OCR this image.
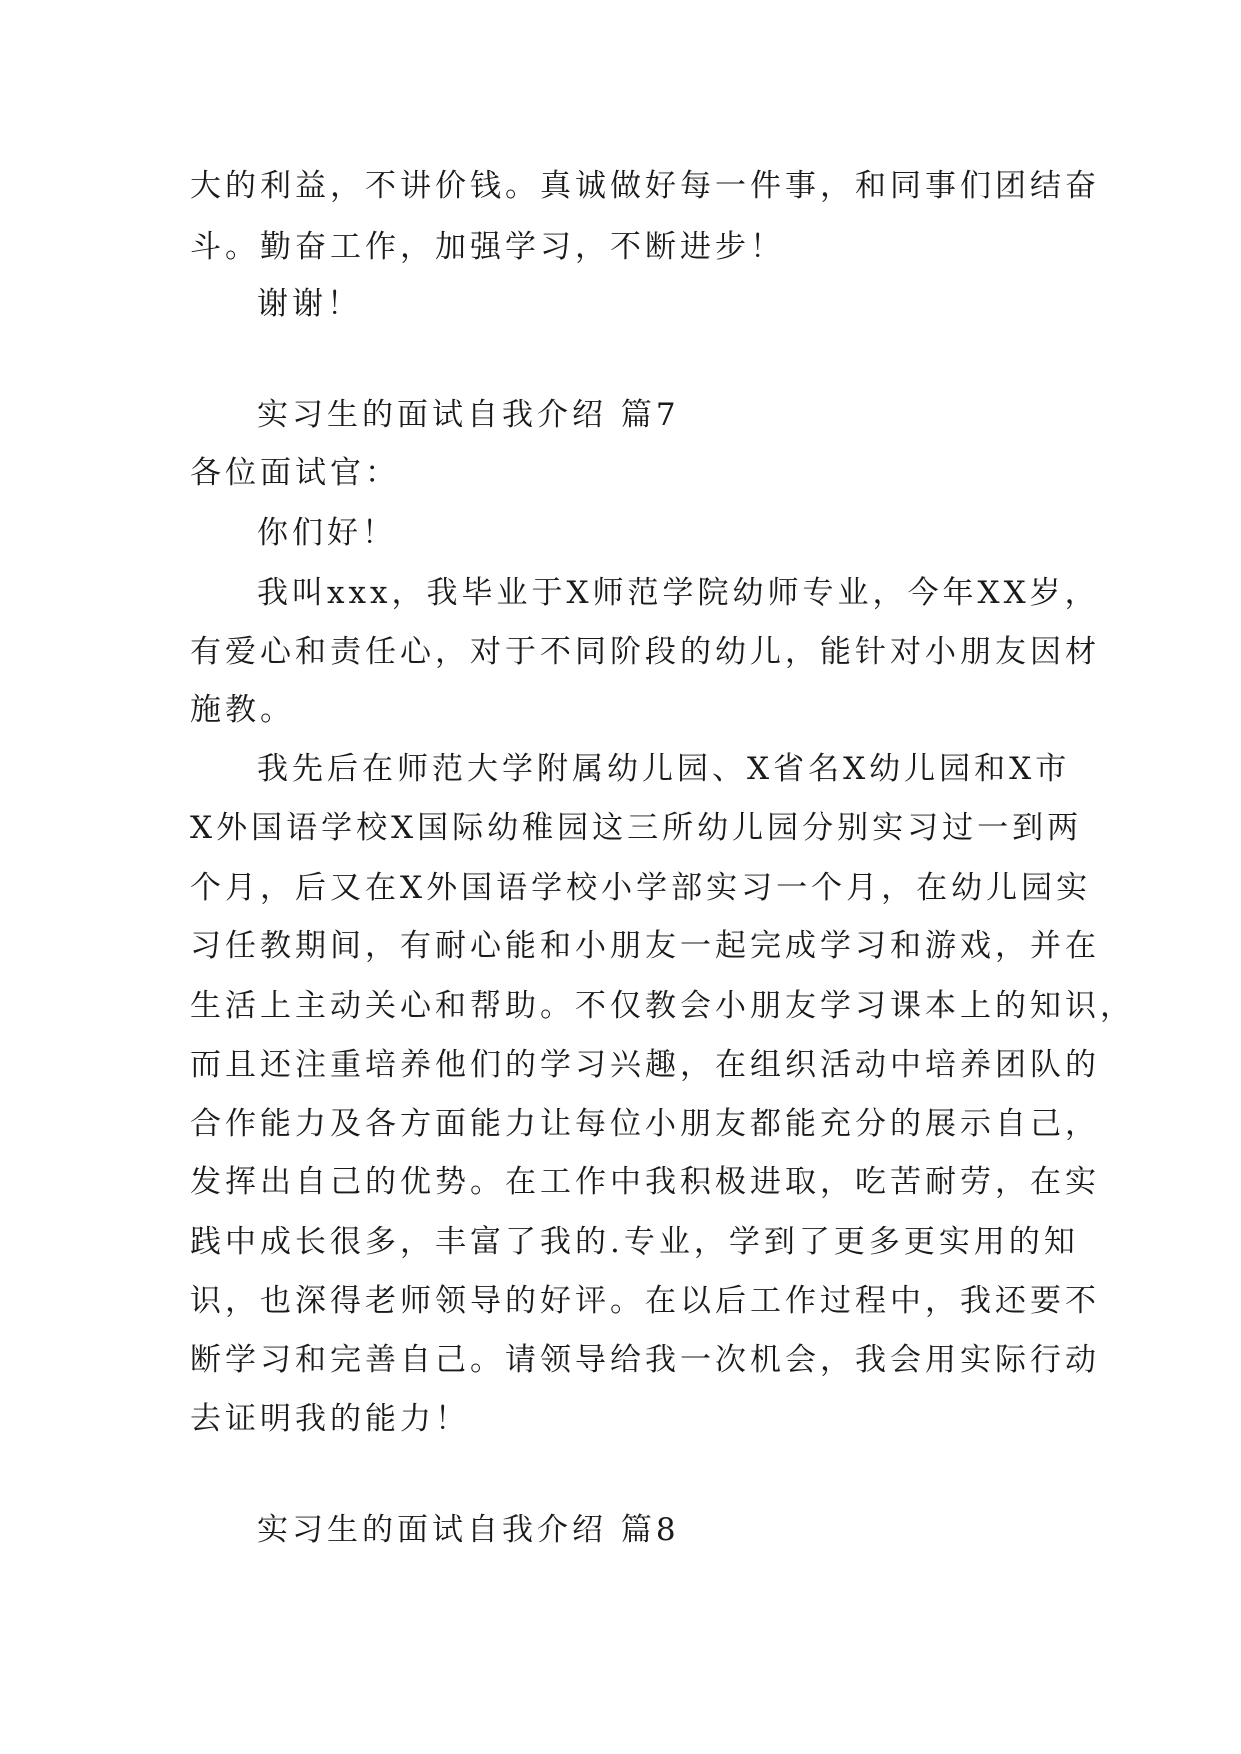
大的利益，不讲价钱。真诚做好每一件事，和同事们团结奋
斗。勤奋工作，加强学习，不断进步！
谢谢！
实习生的面试自我介绍 篇7
各位面试官：
你们好！
我叫xxx，我毕业于X师范学院幼师专业，今年XX岁，
有爱心和责任心，对于不同阶段的幼儿，能针对小朋友因材
施教。
我先后在师范大学附属幼儿园、X省名X幼儿园和X市
X外国语学校X国际幼稚园这三所幼儿园分别实习过一到两
个月，后又在X外国语学校小学部实习一个月，在幼儿园实
习任教期间，有耐心能和小朋友一起完成学习和游戏，并在
生活上主动关心和帮助。不仅教会小朋友学习课本上的知识，
而且还注重培养他们的学习兴趣，在组织活动中培养团队的
合作能力及各方面能力让每位小朋友都能充分的展示自己，
发挥出自己的优势。在工作中我积极进取，吃苦耐劳，在实
践中成长很多，丰富了我的.专业，学到了更多更实用的知
识，也深得老师领导的好评。在以后工作过程中，我还要不
断学习和完善自己。请领导给我一次机会，我会用实际行动
去证明我的能力！
实习生的面试自我介绍 篇8
